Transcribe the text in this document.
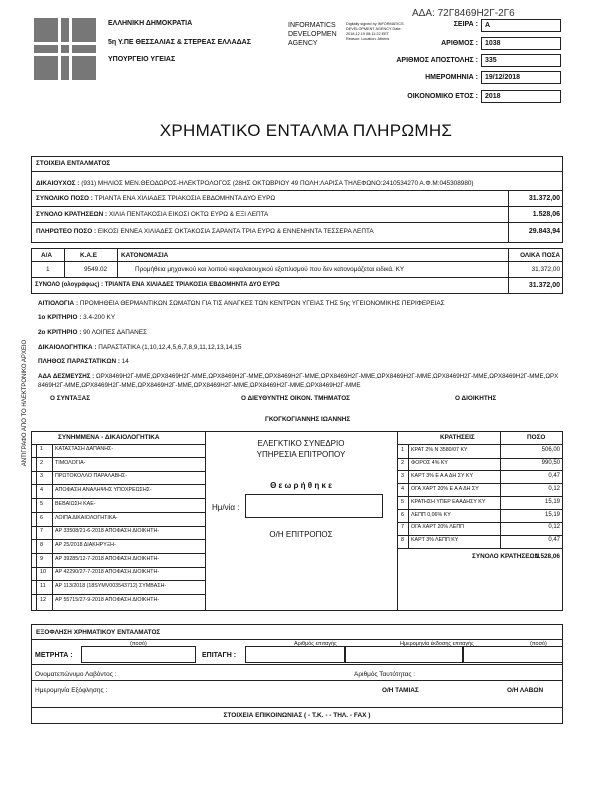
ΑΔΑ: 72Γ8469Η2Γ-2Γ6
ΕΛΛΗΝΙΚΗ ΔΗΜΟΚΡΑΤΙΑ
5η Υ.ΠΕ ΘΕΣΣΑΛΙΑΣ & ΣΤΕΡΕΑΣ ΕΛΛΑΔΑΣ
ΥΠΟΥΡΓΕΙΟ ΥΓΕΙΑΣ
INFORMATICS
DEVELOPMEN
AGENCY
Digitally signed by INFORMATICS DEVELOPMENT AGENCY Date: 2018.12.19 08:11:22 EET Reason: Location: Athens
ΣΕΙΡΑ :	Α
ΑΡΙΘΜΟΣ :	1038
ΑΡΙΘΜΟΣ ΑΠΟΣΤΟΛΗΣ :	335
ΗΜΕΡΟΜΗΝΙΑ :	19/12/2018
ΟΙΚΟΝΟΜΙΚΟ ΕΤΟΣ :	2018
ΧΡΗΜΑΤΙΚΟ ΕΝΤΑΛΜΑ ΠΛΗΡΩΜΗΣ
ΣΤΟΙΧΕΙΑ ΕΝΤΑΛΜΑΤΟΣ
ΔΙΚΑΙΟΥΧΟΣ : (931) ΜΗΛΙΟΣ ΜΕΝ.ΘΕΟΔΩΡΟΣ-ΗΛΕΚΤΡΟΛΟΓΟΣ (28ΗΣ ΟΚΤΩΒΡΙΟΥ 49 ΠΟΛΗ:ΛΑΡΙΣΑ ΤΗΛΕΦΩΝΟ:2410534270 Α.Φ.Μ:045308980)
ΣΥΝΟΛΙΚΟ ΠΟΣΟ : ΤΡΙΑΝΤΑ ΕΝΑ ΧΙΛΙΑΔΕΣ ΤΡΙΑΚΟΣΙΑ ΕΒΔΟΜΗΝΤΑ ΔΥΟ ΕΥΡΩ	31.372,00
ΣΥΝΟΛΟ ΚΡΑΤΗΣΕΩΝ : ΧΙΛΙΑ ΠΕΝΤΑΚΟΣΙΑ ΕΙΚΟΣΙ ΟΚΤΩ ΕΥΡΩ & ΕΞΙ ΛΕΠΤΑ	1.528,06
ΠΛΗΡΩΤΕΟ ΠΟΣΟ : ΕΙΚΟΣΙ ΕΝΝΕΑ ΧΙΛΙΑΔΕΣ ΟΚΤΑΚΟΣΙΑ ΣΑΡΑΝΤΑ ΤΡΙΑ ΕΥΡΩ & ΕΝΝΕΝΗΝΤΑ ΤΕΣΣΕΡΑ ΛΕΠΤΑ	29.843,94
Α/Α	Κ.Α.Ε	ΚΑΤΟΝΟΜΑΣΙΑ	ΟΛΙΚΑ ΠΟΣΑ
1	9549.02	Προμήθεια μηχανικού και λοιπού κεφαλαιουχικού εξοπλισμού που δεν κατονομάζεται ειδικά. ΚΥ	31.372,00
ΣΥΝΟΛΟ (ολογράφως) : ΤΡΙΑΝΤΑ ΕΝΑ ΧΙΛΙΑΔΕΣ ΤΡΙΑΚΟΣΙΑ ΕΒΔΟΜΗΝΤΑ ΔΥΟ ΕΥΡΩ	31.372,00
ΑΝΤΙΓΡΑΦΟ ΑΠΟ ΤΟ ΗΛΕΚΤΡΟΝΙΚΟ ΑΡΧΕΙΟ
ΑΙΤΙΟΛΟΓΙΑ : ΠΡΟΜΗΘΕΙΑ ΘΕΡΜΑΝΤΙΚΩΝ ΣΩΜΑΤΩΝ ΓΙΑ ΤΙΣ ΑΝΑΓΚΕΣ ΤΩΝ ΚΕΝΤΡΩΝ ΥΓΕΙΑΣ ΤΗΣ 5ης ΥΓΕΙΟΝΟΜΙΚΗΣ ΠΕΡΙΦΕΡΕΙΑΣ
1ο ΚΡΙΤΗΡΙΟ : 3.4-200 ΚΥ
2ο ΚΡΙΤΗΡΙΟ : 90 ΛΟΙΠΕΣ ΔΑΠΑΝΕΣ
ΔΙΚΑΙΟΛΟΓΗΤΙΚΑ : ΠΑΡΑΣΤΑΤΙΚΑ (1,10,12,4,5,6,7,8,9,11,12,13,14,15
ΠΛΗΘΟΣ ΠΑΡΑΣΤΑΤΙΚΩΝ : 14
ΑΔΑ ΔΕΣΜΕΥΣΗΣ : ΩΡΧ8469Η2Γ-ΜΜΕ,ΩΡΧ8469Η2Γ-ΜΜΕ,ΩΡΧ8469Η2Γ-ΜΜΕ,ΩΡΧ8469Η2Γ-ΜΜΕ,ΩΡΧ8469Η2Γ-ΜΜΕ,ΩΡΧ8469Η2Γ-ΜΜΕ,ΩΡΧ8469Η2Γ-ΜΜΕ,ΩΡΧ8469Η2Γ-ΜΜΕ,ΩΡΧ8469Η2Γ-ΜΜΕ,ΩΡΧ8469Η2Γ-ΜΜΕ,ΩΡΧ8469Η2Γ-ΜΜΕ,ΩΡΧ8469Η2Γ-ΜΜΕ,ΩΡΧ8469Η2Γ-ΜΜΕ,ΩΡΧ8469Η2Γ-ΜΜΕ
Ο ΣΥΝΤΑΞΑΣ	Ο ΔΙΕΥΘΥΝΤΗΣ ΟΙΚΟΝ. ΤΜΗΜΑΤΟΣ	Ο ΔΙΟΙΚΗΤΗΣ
ΓΚΟΓΚΟΓΙΑΝΝΗΣ ΙΩΑΝΝΗΣ
ΣΥΝΗΜΜΕΝΑ - ΔΙΚΑΙΟΛΟΓΗΤΙΚΑ
1 ΚΑΤΑΣΤΑΣΗ ΔΑΠΑΝΗΣ-
2 ΤΙΜΟΛΟΓΙΑ-
3 ΠΡΩΤΟΚΟΛΛΟ ΠΑΡΑΛΑΒΗΣ-
4 ΑΠΟΦΑΣΗ ΑΝΑΛΗΨΗΣ ΥΠΟΧΡΕΩΣΗΣ-
5 ΒΕΒΑΙΩΣΗ ΚΑΕ-
6 ΛΟΙΠΑ ΔΙΚΑΙΟΛΟΓΗΤΙΚΑ-
7 ΑΡ 33508/21-6-2018 ΑΠΟΦΑΣΗ ΔΙΟΙΚΗΤΗ-
8 ΑΡ 25/2018 ΔΙΑΚΗΡΥΞΗ-
9 ΑΡ 39285/12-7-2018 ΑΠΟΦΑΣΗ ΔΙΟΙΚΗΤΗ-
10 ΑΡ 42290/27-7-2018 ΑΠΟΦΑΣΗ ΔΙΟΙΚΗΤΗ-
11 ΑΡ 113/2018 (18SYMV003543712) ΣΥΜΒΑΣΗ-
12 ΑΡ 55715/27-9-2018 ΑΠΟΦΑΣΗ ΔΙΟΙΚΗΤΗ-
ΕΛΕΓΚΤΙΚΟ ΣΥΝΕΔΡΙΟ
ΥΠΗΡΕΣΙΑ ΕΠΙΤΡΟΠΟΥ
Θ ε ω ρ ή θ η κ ε
Ημ/νία :
Ο/Η ΕΠΙΤΡΟΠΟΣ
ΚΡΑΤΗΣΕΙΣ	ΠΟΣΟ
1 ΚΡΑΤ 2% Ν 3580/07 ΚΥ	506,00
2 ΦΟΡΟΣ 4% ΚΥ	990,50
3 ΚΑΡΤ 3% Ε Α Α ΔΗ ΣΥ ΚΥ	0,47
4 ΟΓΑ ΧΑΡΤ 20% Ε Α Α ΔΗ ΣΥ	0,12
5 ΚΡΑΤΗΣΗ ΥΠΕΡ ΕΑΑΔΗΣΥ ΚΥ	15,19
6 ΛΕΠΠ 0,06% ΚΥ	15,19
7 ΟΓΑ ΧΑΡΤ 20% ΛΕΠΠ	0,12
8 ΚΑΡΤ 3% ΛΕΠΠ ΚΥ	0,47
ΣΥΝΟΛΟ ΚΡΑΤΗΣΕΩΝ
1.528,06
ΕΞΟΦΛΗΣΗ ΧΡΗΜΑΤΙΚΟΥ ΕΝΤΑΛΜΑΤΟΣ
(ποσό)	Αριθμός επιταγής	Ημερομηνία έκδοσης επιταγής	(ποσό)
ΜΕΤΡΗΤΑ :	ΕΠΙΤΑΓΗ :
Ονοματεπώνυμο Λαβόντος :	Αριθμός Ταυτότητας :
Ημερομηνία Εξόφλησης :	Ο/Η ΤΑΜΙΑΣ	Ο/Η ΛΑΒΩΝ
ΣΤΟΙΧΕΙΑ ΕΠΙΚΟΙΝΩΝΙΑΣ ( - Τ.Κ. - - ΤΗΛ. - FAX )
